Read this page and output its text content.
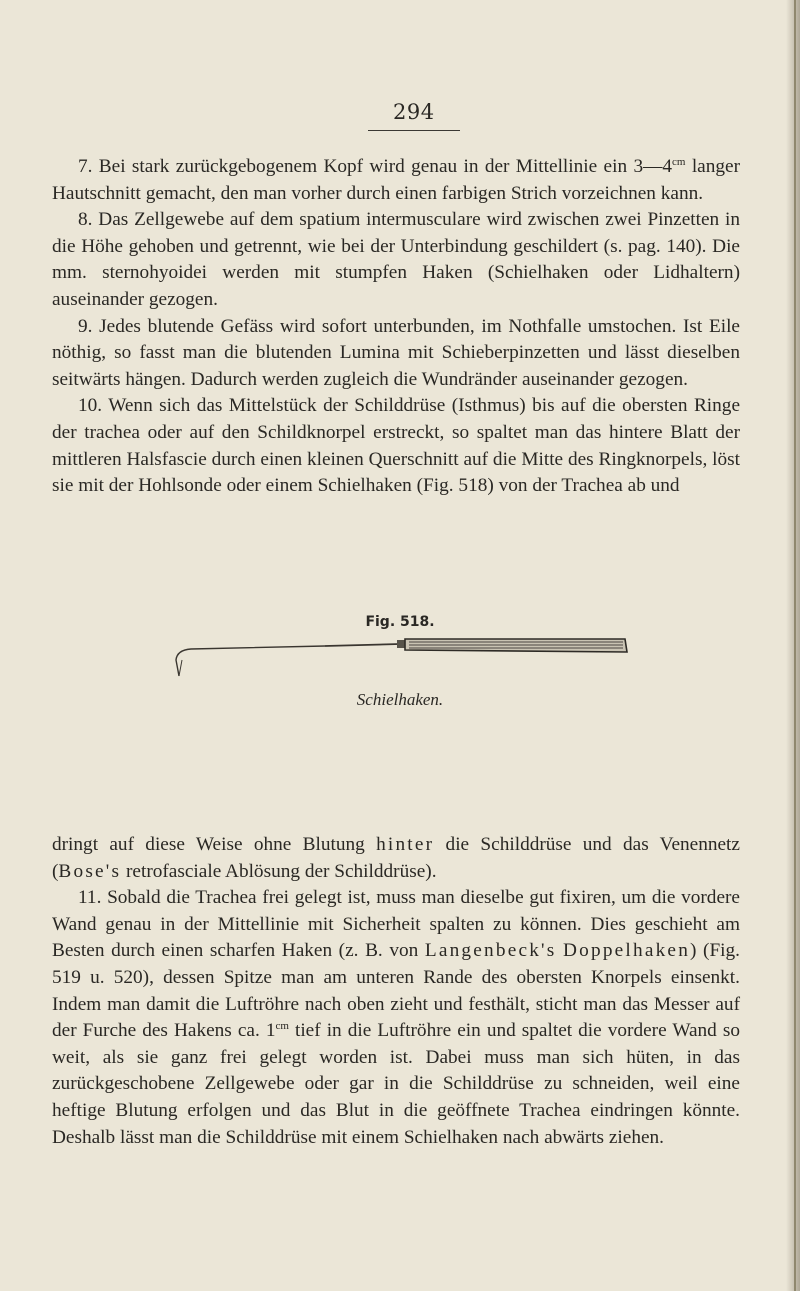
294

7. Bei stark zurückgebogenem Kopf wird genau in der Mittellinie ein $3—4^{cm}$ langer Hautschnitt gemacht, den man vorher durch einen farbigen Strich vorzeichnen kann.

8. Das Zellgewebe auf dem spatium intermusculare wird zwischen zwei Pinzetten in die Höhe gehoben und getrennt, wie bei der Unterbindung geschildert (s. pag. 140). Die mm. sternohyoidei werden mit stumpfen Haken (Schielhaken oder Lidhaltern) auseinander gezogen.

9. Jedes blutende Gefäss wird sofort unterbunden, im Nothfalle umstochen. Ist Eile nöthig, so fasst man die blutenden Lumina mit Schieberpinzetten und lässt dieselben seitwärts hängen. Dadurch werden zugleich die Wundränder auseinander gezogen.

10. Wenn sich das Mittelstück der Schilddrüse (Isthmus) bis auf die obersten Ringe der trachea oder auf den Schildknorpel erstreckt, so spaltet man das hintere Blatt der mittleren Halsfascie durch einen kleinen Querschnitt auf die Mitte des Ringknorpels, löst sie mit der Hohlsonde oder einem Schielhaken (Fig. 518) von der Trachea ab und

Fig. 518.
Schielhaken.

dringt auf diese Weise ohne Blutung hinter die Schilddrüse und das Venennetz (Bose's retrofasciale Ablösung der Schilddrüse).

11. Sobald die Trachea frei gelegt ist, muss man dieselbe gut fixiren, um die vordere Wand genau in der Mittellinie mit Sicherheit spalten zu können. Dies geschieht am Besten durch einen scharfen Haken (z. B. von Langenbeck's Doppelhaken) (Fig. 519 u. 520), dessen Spitze man am unteren Rande des obersten Knorpels einsenkt. Indem man damit die Luftröhre nach oben zieht und festhält, sticht man das Messer auf der Furche des Hakens ca. $1^{cm}$ tief in die Luftröhre ein und spaltet die vordere Wand so weit, als sie ganz frei gelegt worden ist. Dabei muss man sich hüten, in das zurückgeschobene Zellgewebe oder gar in die Schilddrüse zu schneiden, weil eine heftige Blutung erfolgen und das Blut in die geöffnete Trachea eindringen könnte. Deshalb lässt man die Schilddrüse mit einem Schielhaken nach abwärts ziehen.
